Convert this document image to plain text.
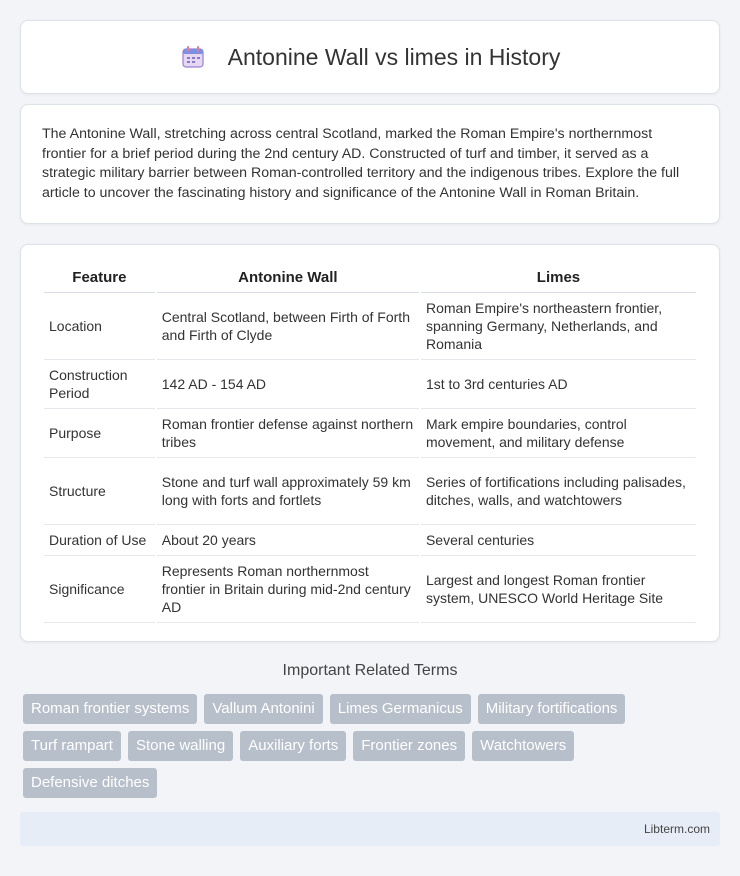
Antonine Wall vs limes in History

The Antonine Wall, stretching across central Scotland, marked the Roman Empire's northernmost frontier for a brief period during the 2nd century AD. Constructed of turf and timber, it served as a strategic military barrier between Roman-controlled territory and the indigenous tribes. Explore the full article to uncover the fascinating history and significance of the Antonine Wall in Roman Britain.

Feature	Antonine Wall	Limes
Location	Central Scotland, between Firth of Forth and Firth of Clyde	Roman Empire's northeastern frontier, spanning Germany, Netherlands, and Romania
Construction Period	142 AD - 154 AD	1st to 3rd centuries AD
Purpose	Roman frontier defense against northern tribes	Mark empire boundaries, control movement, and military defense
Structure	Stone and turf wall approximately 59 km long with forts and fortlets	Series of fortifications including palisades, ditches, walls, and watchtowers
Duration of Use	About 20 years	Several centuries
Significance	Represents Roman northernmost frontier in Britain during mid-2nd century AD	Largest and longest Roman frontier system, UNESCO World Heritage Site
Important Related Terms
Roman frontier systems	Vallum Antonini	Limes Germanicus	Military fortifications
Turf rampart	Stone walling	Auxiliary forts	Frontier zones	Watchtowers
Defensive ditches
Libterm.com
